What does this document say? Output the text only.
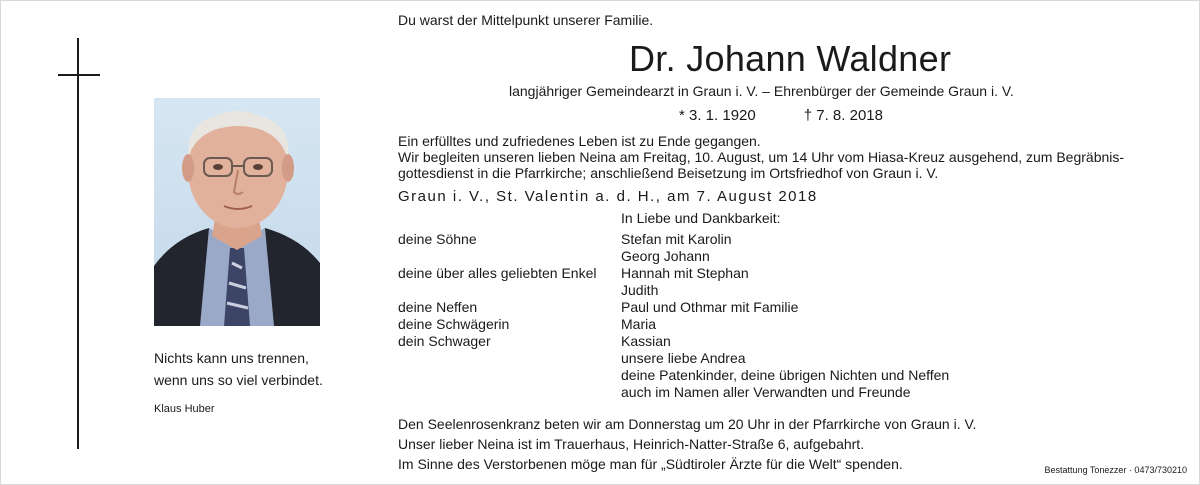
Nichts kann uns trennen,
wenn uns so viel verbindet.
Klaus Huber
Du warst der Mittelpunkt unserer Familie.
Dr. Johann Waldner
langjähriger Gemeindearzt in Graun i. V. – Ehrenbürger der Gemeinde Graun i. V.
* 3. 1. 1920	† 7. 8. 2018
Ein erfülltes und zufriedenes Leben ist zu Ende gegangen.
Wir begleiten unseren lieben Neina am Freitag, 10. August, um 14 Uhr vom Hiasa-Kreuz ausgehend, zum Begräbnis-
gottesdienst in die Pfarrkirche; anschließend Beisetzung im Ortsfriedhof von Graun i. V.
Graun i. V., St. Valentin a. d. H., am 7. August 2018
In Liebe und Dankbarkeit:
deine Söhne	Stefan mit Karolin
Georg Johann
deine über alles geliebten Enkel Hannah mit Stephan
Judith
deine Neffen	Paul und Othmar mit Familie
deine Schwägerin	Maria
dein Schwager	Kassian
unsere liebe Andrea
deine Patenkinder, deine übrigen Nichten und Neffen
auch im Namen aller Verwandten und Freunde
Den Seelenrosenkranz beten wir am Donnerstag um 20 Uhr in der Pfarrkirche von Graun i. V.
Unser lieber Neina ist im Trauerhaus, Heinrich-Natter-Straße 6, aufgebahrt.
Im Sinne des Verstorbenen möge man für „Südtiroler Ärzte für die Welt“ spenden.	Bestattung Tonezzer · 0473/730210
